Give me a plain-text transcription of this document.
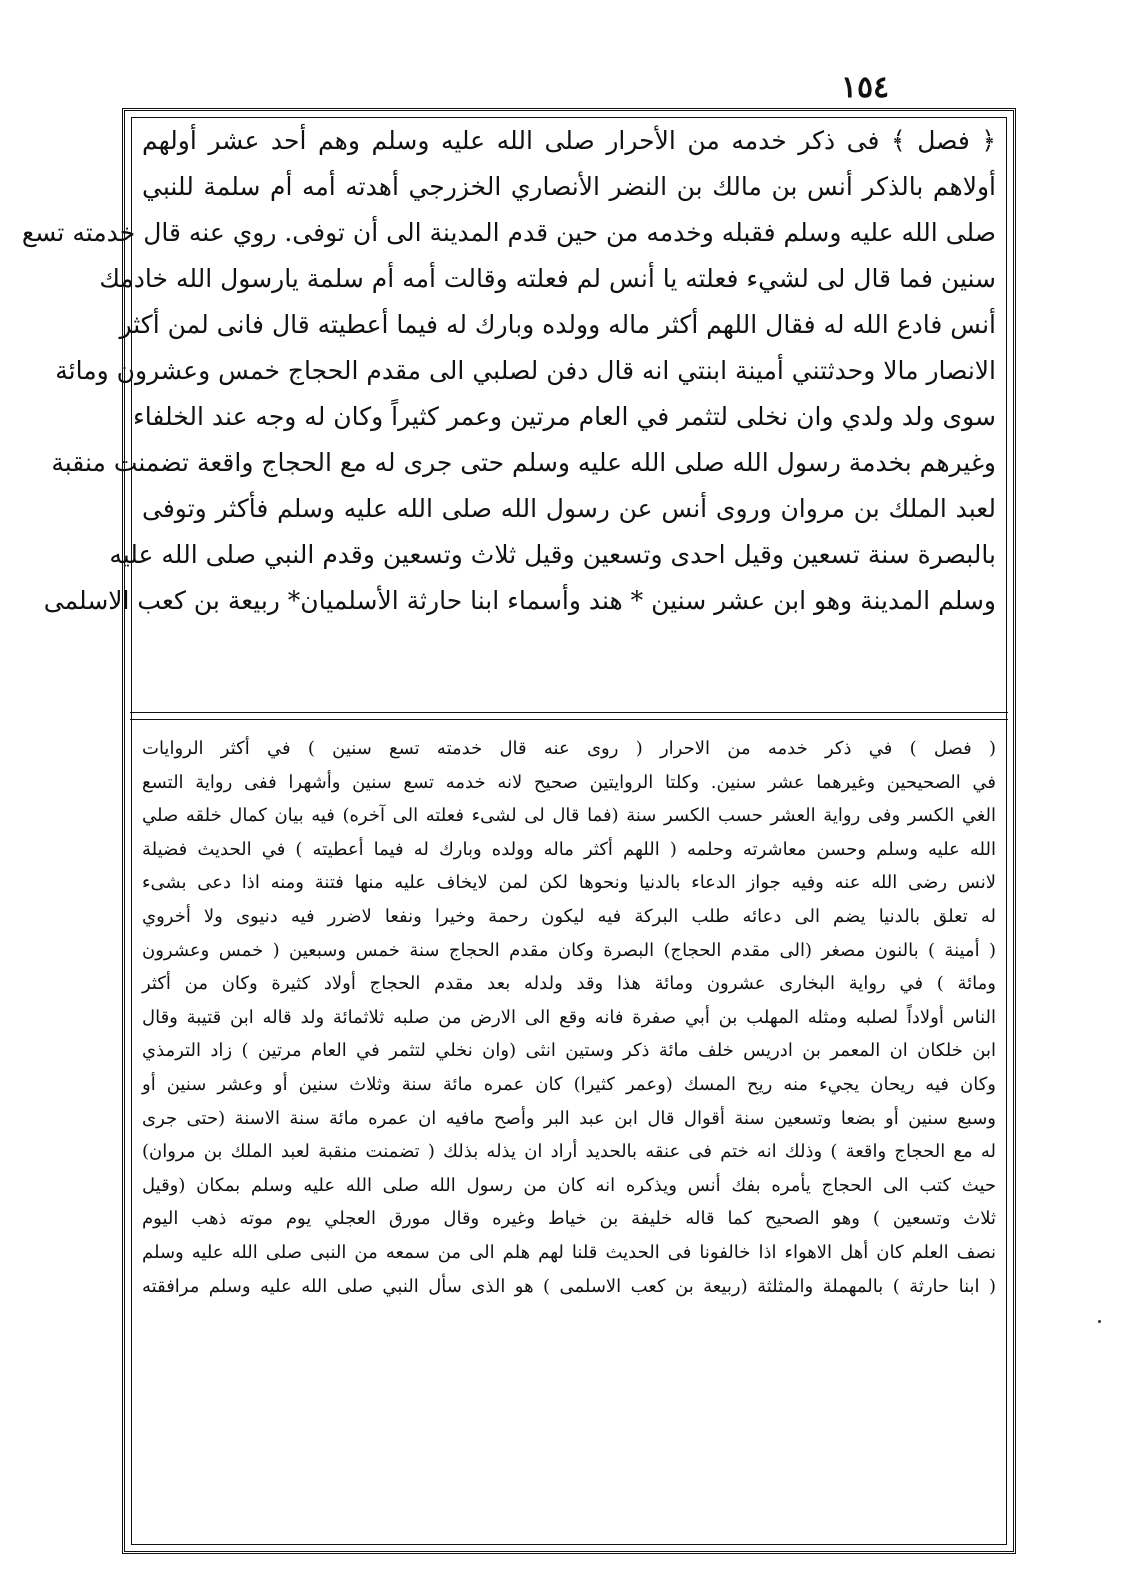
١٥٤

﴿ فصل ﴾ فى ذكر خدمه من الأحرار صلى الله عليه وسلم وهم أحد عشر أولهم

أولاهم بالذكر أنس بن مالك بن النضر الأنصاري الخزرجي أهدته أمه أم سلمة للنبي

صلى الله عليه وسلم فقبله وخدمه من حين قدم المدينة الى أن توفى. روي عنه قال خدمته تسع

سنين فما قال لى لشيء فعلته يا أنس لم فعلته وقالت أمه أم سلمة يارسول الله خادمك

أنس فادع الله له فقال اللهم أكثر ماله وولده وبارك له فيما أعطيته قال فانى لمن أكثر

الانصار مالا وحدثتني أمينة ابنتي انه قال دفن لصلبي الى مقدم الحجاج خمس وعشرون ومائة

سوى ولد ولدي وان نخلى لتثمر في العام مرتين وعمر كثيراً وكان له وجه عند الخلفاء

وغيرهم بخدمة رسول الله صلى الله عليه وسلم حتى جرى له مع الحجاج واقعة تضمنت منقبة

لعبد الملك بن مروان وروى أنس عن رسول الله صلى الله عليه وسلم فأكثر وتوفى

بالبصرة سنة تسعين وقيل احدى وتسعين وقيل ثلاث وتسعين وقدم النبي صلى الله عليه

وسلم المدينة وهو ابن عشر سنين * هند وأسماء ابنا حارثة الأسلميان* ربيعة بن كعب الاسلمى

( فصل ) في ذكر خدمه من الاحرار ( روى عنه قال خدمته تسع سنين ) في أكثر الروايات

في الصحيحين وغيرهما عشر سنين. وكلتا الروايتين صحيح لانه خدمه تسع سنين وأشهرا ففى رواية التسع

الغي الكسر وفى رواية العشر حسب الكسر سنة (فما قال لى لشىء فعلته الى آخره) فيه بيان كمال خلقه صلي

الله عليه وسلم وحسن معاشرته وحلمه ( اللهم أكثر ماله وولده وبارك له فيما أعطيته ) في الحديث فضيلة

لانس رضى الله عنه وفيه جواز الدعاء بالدنيا ونحوها لكن لمن لايخاف عليه منها فتنة ومنه اذا دعى بشىء

له تعلق بالدنيا يضم الى دعائه طلب البركة فيه ليكون رحمة وخيرا ونفعا لاضرر فيه دنيوى ولا أخروي

( أمينة ) بالنون مصغر (الى مقدم الحجاج) البصرة وكان مقدم الحجاج سنة خمس وسبعين ( خمس وعشرون

ومائة ) في رواية البخارى عشرون ومائة هذا وقد ولدله بعد مقدم الحجاج أولاد كثيرة وكان من أكثر

الناس أولاداً لصلبه ومثله المهلب بن أبي صفرة فانه وقع الى الارض من صلبه ثلاثمائة ولد قاله ابن قتيبة وقال

ابن خلكان ان المعمر بن ادريس خلف مائة ذكر وستين انثى (وان نخلي لتثمر في العام مرتين ) زاد الترمذي

وكان فيه ريحان يجيء منه ريح المسك (وعمر كثيرا) كان عمره مائة سنة وثلاث سنين أو وعشر سنين أو

وسبع سنين أو بضعا وتسعين سنة أقوال قال ابن عبد البر وأصح مافيه ان عمره مائة سنة الاسنة (حتى جرى

له مع الحجاج واقعة ) وذلك انه ختم فى عنقه بالحديد أراد ان يذله بذلك ( تضمنت منقبة لعبد الملك بن مروان)

حيث كتب الى الحجاج يأمره بفك أنس ويذكره انه كان من رسول الله صلى الله عليه وسلم بمكان (وقيل

ثلاث وتسعين ) وهو الصحيح كما قاله خليفة بن خياط وغيره وقال مورق العجلي يوم موته ذهب اليوم

نصف العلم كان أهل الاهواء اذا خالفونا فى الحديث قلنا لهم هلم الى من سمعه من النبى صلى الله عليه وسلم

( ابنا حارثة ) بالمهملة والمثلثة (ربيعة بن كعب الاسلمى ) هو الذى سأل النبي صلى الله عليه وسلم مرافقته
